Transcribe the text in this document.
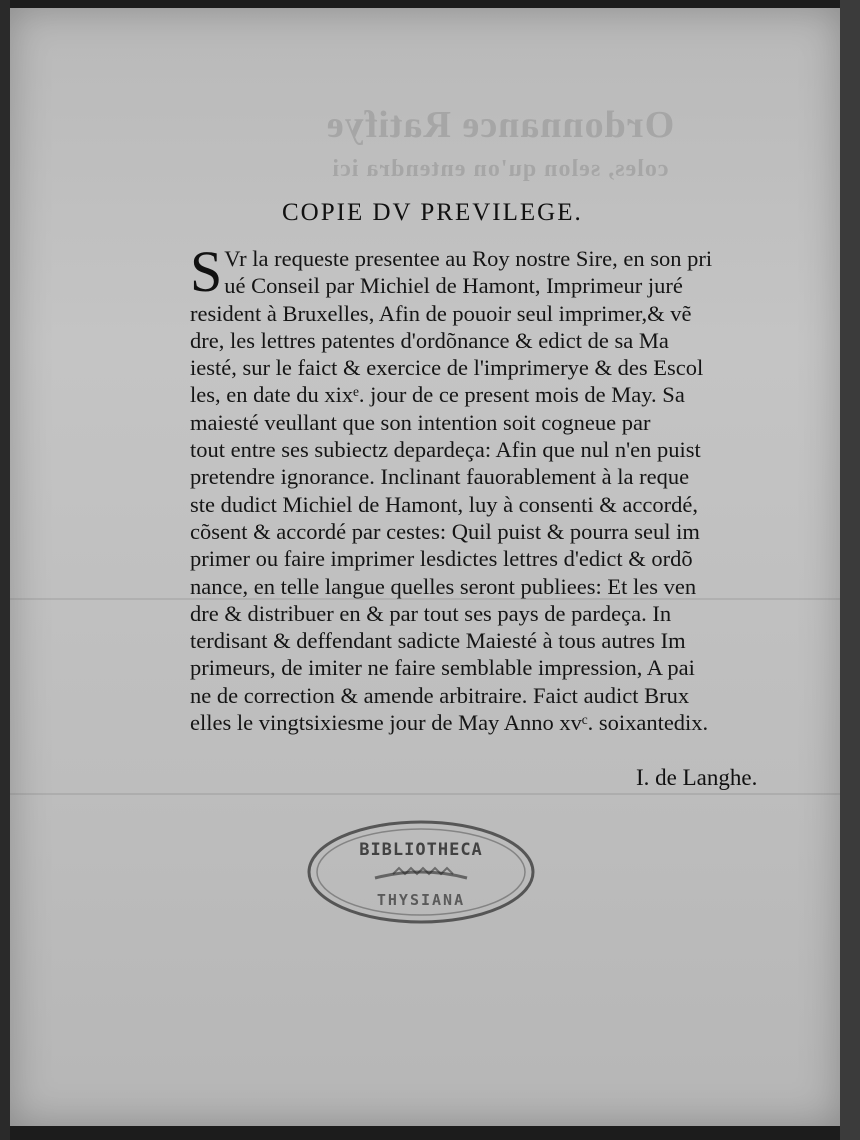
Ordonnance Ratifye
coles, selon qu'on entendra ici
COPIE DV PREVILEGE.
S Vr la requeste presentee au Roy nostre Sire, en son pri
ué Conseil par Michiel de Hamont, Imprimeur juré
resident à Bruxelles, Afin de pouoir seul imprimer,& vẽ
dre, les lettres patentes d'ordõnance & edict de sa Ma
iesté, sur le faict & exercice de l'imprimerye & des Escol
les, en date du xixᵉ. jour de ce present mois de May. Sa
maiesté veullant que son intention soit cogneue par
tout entre ses subiectz depardeça: Afin que nul n'en puist
pretendre ignorance. Inclinant fauorablement à la reque
ste dudict Michiel de Hamont, luy à consenti & accordé,
cõsent & accordé par cestes: Quil puist & pourra seul im
primer ou faire imprimer lesdictes lettres d'edict & ordõ
nance, en telle langue quelles seront publiees: Et les ven
dre & distribuer en & par tout ses pays de pardeça. In
terdisant & deffendant sadicte Maiesté à tous autres Im
primeurs, de imiter ne faire semblable impression, A pai
ne de correction & amende arbitraire. Faict audict Brux
elles le vingtsixiesme jour de May Anno xvᶜ. soixantedix.
I. de Langhe.
BIBLIOTHECA
THYSIANA
